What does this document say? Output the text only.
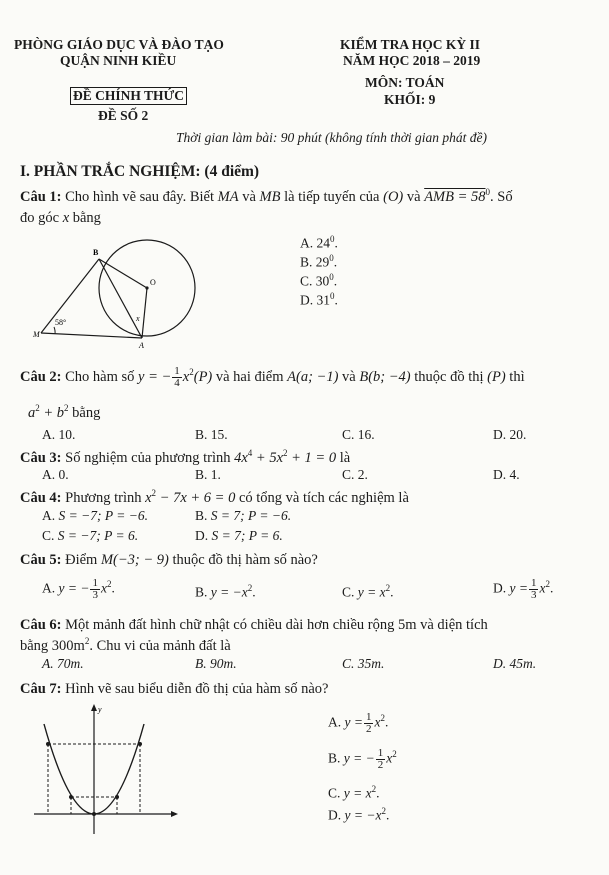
PHÒNG GIÁO DỤC VÀ ĐÀO TẠO
QUẬN NINH KIỀU
KIỂM TRA HỌC KỲ II
NĂM HỌC 2018 – 2019
MÔN: TOÁN
KHỐI: 9
ĐỀ CHÍNH THỨC
ĐỀ SỐ 2
Thời gian làm bài: 90 phút (không tính thời gian phát đề)
I. PHẦN TRẮC NGHIỆM: (4 điểm)
Câu 1: Cho hình vẽ sau đây. Biết MA và MB là tiếp tuyến của (O) và AMB = $58^0$. Số
đo góc x bằng
B
O
M
A
x
58°
A. $24^0$.
B. $29^0$.
C. $30^0$.
D. $31^0$.
Câu 2: Cho hàm số y = − $\frac{1}{4} x^2(P)$ và hai điểm A(a; −1) và B(b; −4) thuộc đồ thị (P) thì
$a^2 + b^2$ bằng
A. 10.	B. 15.	C. 16.	D. 20.
Câu 3: Số nghiệm của phương trình $4x^4 + 5x^2 + 1 = 0$ là
A. 0.	B. 1.	C. 2.	D. 4.
Câu 4: Phương trình $x^2 - 7x + 6 = 0$ có tổng và tích các nghiệm là
A. S = −7; P = −6.	B. S = 7; P = −6.
C. S = −7; P = 6.	D. S = 7; P = 6.
Câu 5: Điểm M(−3; − 9) thuộc đồ thị hàm số nào?
A. y = − $\frac{1}{3} x^2$.	B. $y = -x^2$.	C. $y = x^2$.	D. $y = \frac{1}{3} x^2$.
Câu 6: Một mảnh đất hình chữ nhật có chiều dài hơn chiều rộng 5m và diện tích
bằng $300m^2$. Chu vi của mảnh đất là
A. 70m.	B. 90m.	C. 35m.	D. 45m.
Câu 7: Hình vẽ sau biểu diễn đồ thị của hàm số nào?
y
A. $y = \frac{1}{2} x^2$.
B. y = − $\frac{1}{2} x^2$
C. $y = x^2$.
D. $y = -x^2$.
